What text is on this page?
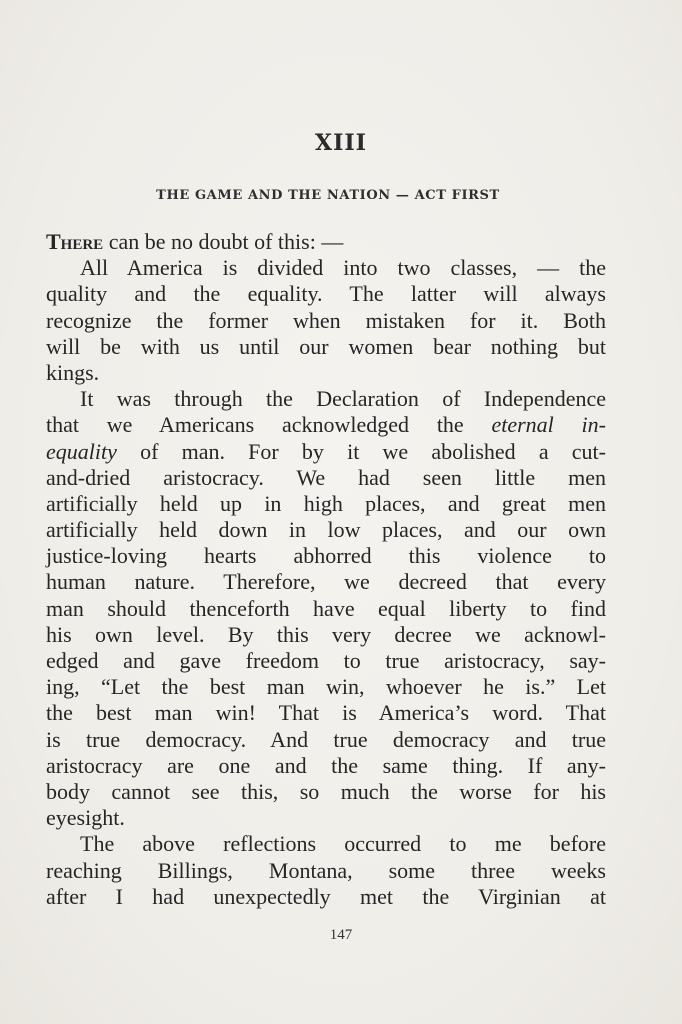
XIII
THE GAME AND THE NATION — ACT FIRST
There can be no doubt of this: —
All America is divided into two classes, — the
quality and the equality. The latter will always
recognize the former when mistaken for it. Both
will be with us until our women bear nothing but
kings.
It was through the Declaration of Independence
that we Americans acknowledged the eternal in-
equality of man. For by it we abolished a cut-
and-dried aristocracy. We had seen little men
artificially held up in high places, and great men
artificially held down in low places, and our own
justice-loving hearts abhorred this violence to
human nature. Therefore, we decreed that every
man should thenceforth have equal liberty to find
his own level. By this very decree we acknowl-
edged and gave freedom to true aristocracy, say-
ing, “Let the best man win, whoever he is.” Let
the best man win! That is America’s word. That
is true democracy. And true democracy and true
aristocracy are one and the same thing. If any-
body cannot see this, so much the worse for his
eyesight.
The above reflections occurred to me before
reaching Billings, Montana, some three weeks
after I had unexpectedly met the Virginian at
147
